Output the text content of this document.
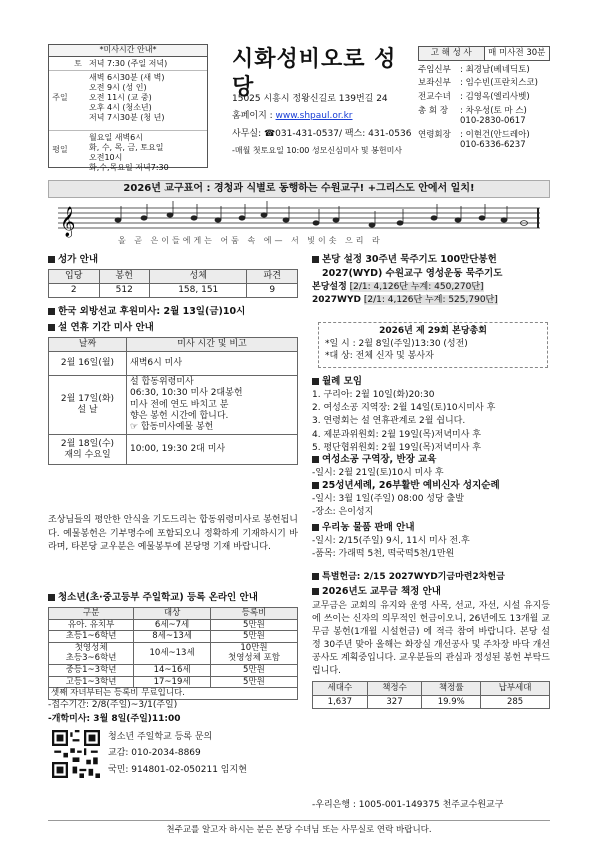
*미사시간 안내*
토 저녁 7:30 (주일 저녁)
주일
새벽 6시30분 (새 벽)
오전 9시 (성 인)
오전 11시 (교 중)
오후 4시 (청소년)
저녁 7시30분 (청 년)
평일
월요일 새벽6시
화, 수, 목, 금, 토요일
오전10시
화,수,목요일 저녁7:30
시화성비오로 성당
15025 시흥시 정왕신길로 139번길 24
홈페이지 : www.shpaul.or.kr
사무실: ☎031-431-0537/ 팩스: 431-0536
-매월 첫토요일 10:00 성모신심미사 및 봉헌미사
고 해 성 사	매 미사전 30분
주임신부	: 최경남(베네딕토)
보좌신부	: 임수빈(프란치스코)
전교수녀	: 김영옥(엘리사벳)
총 회 장	: 차우성(토 마 스)
010-2830-0617
연령회장	: 이현건(안드레아)
010-6336-6237
2026년 교구표어 : 경청과 식별로 동행하는 수원교구! +그리스도 안에서 일치!
𝄞
올 곧 은이들에게는 어둠 속 에— 서 빛이솟 으리 라
성가 안내
입당	봉헌	성체	파견
2	512	158, 151	9
한국 외방선교 후원미사: 2월 13일(금)10시
설 연휴 기간 미사 안내
날짜	미사 시간 및 비고
2월 16일(월)	새벽6시 미사
2월 17일(화)
설 날	설 합동위령미사
06:30, 10:30 미사 2대봉헌
미사 전에 연도 바치고 분
향은 봉헌 시간에 합니다.
☞ 합동미사예물 봉헌
2월 18일(수)
재의 수요일	10:00, 19:30 2대 미사
조상님들의 평안한 안식을 기도드리는 합동위령미사로 봉헌됩니다. 예물봉헌은 기부명수에 포함되오니 정확하게 기재하시기 바라며, 타본당 교우분은 예물봉투에 본당명 기재 바랍니다.
청소년(초·중고등부 주일학교) 등록 온라인 안내
구분	대상	등록비
유아. 유치부	6세~7세	5만원
초등1~6학년	8세~13세	5만원
첫영성체
초등3~6학년	10세~13세	10만원
첫영성체 포함
중등1~3학년	14~16세	5만원
고등1~3학년	17~19세	5만원
셋째 자녀부터는 등록비 무료입니다.		
-접수기간: 2/8(주일)~3/1(주일)
-개학미사: 3월 8일(주일)11:00
청소년 주일학교 등록 문의
교감: 010-2034-8869
국민: 914801-02-050211 임지현
본당 설정 30주년 묵주기도 100만단봉헌
2027(WYD) 수원교구 영성운동 묵주기도
본당설정 [2/1: 4,126단 누계: 450,270단]
2027WYD [2/1: 4,126단 누계: 525,790단]
2026년 제 29회 본당총회
*일 시 : 2월 8일(주일)13:30 (성전)
*대 상: 전체 신자 및 봉사자
월례 모임
1. 구리아: 2월 10일(화)20:30
2. 여성소공 지역장: 2월 14일(토)10시미사 후
3. 연령회는 설 연휴관계로 2월 쉽니다.
4. 제분과위원회: 2월 19일(목)저녁미사 후
5. 평단협위원회: 2월 19일(목)저녁미사 후
여성소공 구역장, 반장 교육
-일시: 2월 21일(토)10시 미사 후
25성년세례, 26부활반 예비신자 성지순례
-일시: 3월 1일(주일) 08:00 성당 출발
-장소: 은이성지
우리농 물품 판매 안내
-일시: 2/15(주일) 9시, 11시 미사 전.후
-품목: 가래떡 5천, 떡국떡5천/1만원
특별헌금: 2/15 2027WYD기금마련2차헌금
2026년도 교무금 책정 안내
교무금은 교회의 유지와 운영 사목, 선교, 자선, 시설 유지등에 쓰이는 신자의 의무적인 헌금이오니, 26년에도 13개월 교무금 봉헌(1개월 시설헌금) 에 적극 참여 바랍니다. 본당 설정 30주년 맞아 올해는 화장실 개선공사 및 주차장 바닥 개선 공사도 계획중입니다. 교우분들의 관심과 정성된 봉헌 부탁드립니다.
세대수	책정수	책정률	납부세대
1,637	327	19.9%	285
-우리은행 : 1005-001-149375 천주교수원교구
천주교를 알고자 하시는 분은 본당 수녀님 또는 사무실로 연락 바랍니다.
